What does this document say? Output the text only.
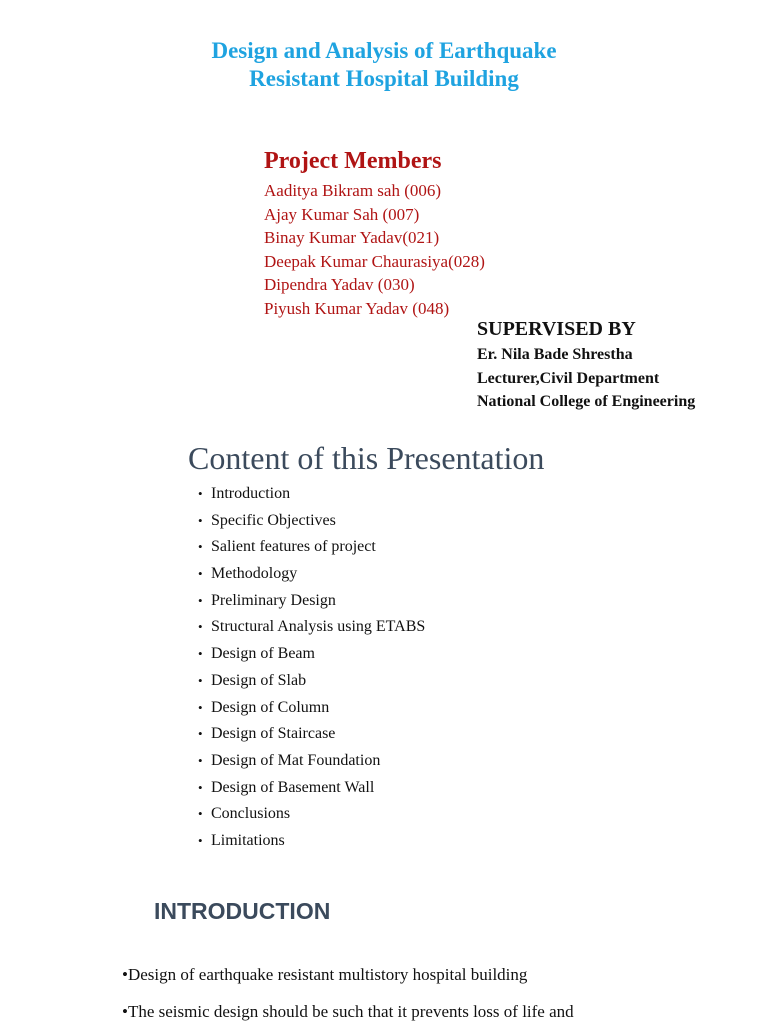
Design and Analysis of Earthquake
Resistant Hospital Building
Project Members
Aaditya Bikram sah (006)
Ajay Kumar Sah (007)
Binay Kumar Yadav(021)
Deepak Kumar Chaurasiya(028)
Dipendra Yadav (030)
Piyush Kumar Yadav (048)
SUPERVISED BY
Er. Nila Bade Shrestha
Lecturer,Civil Department
National College of Engineering
Content of this Presentation
• Introduction
• Specific Objectives
• Salient features of project
• Methodology
• Preliminary Design
• Structural Analysis using ETABS
• Design of Beam
• Design of Slab
• Design of Column
• Design of Staircase
• Design of Mat Foundation
• Design of Basement Wall
• Conclusions
• Limitations
INTRODUCTION
•Design of earthquake resistant multistory hospital building
•The seismic design should be such that it prevents loss of life and
